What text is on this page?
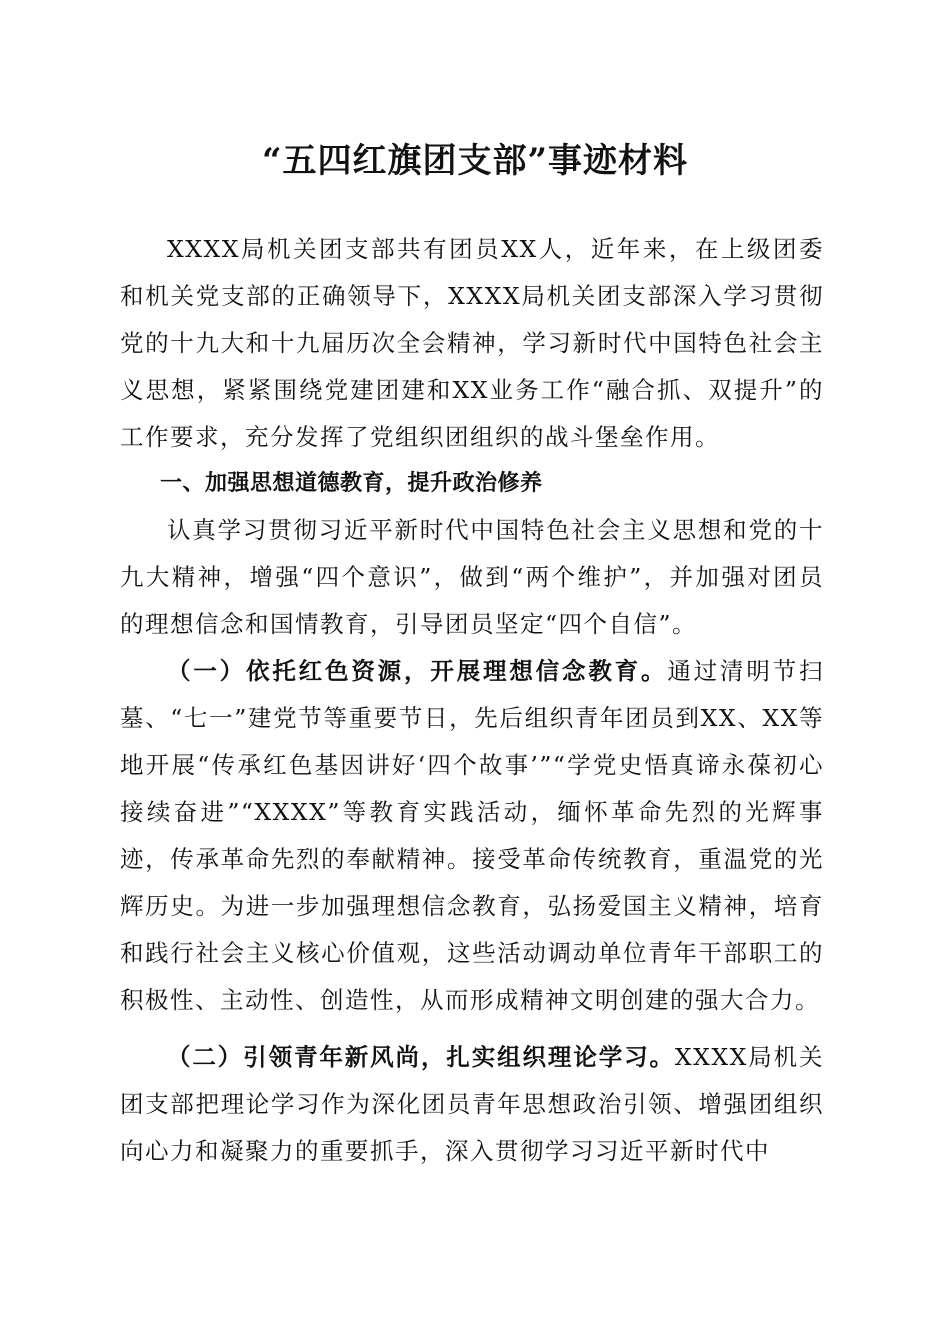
“五四红旗团支部”事迹材料

XXXX局机关团支部共有团员XX人，近年来，在上级团委和机关党支部的正确领导下，XXXX局机关团支部深入学习贯彻党的十九大和十九届历次全会精神，学习新时代中国特色社会主义思想，紧紧围绕党建团建和XX业务工作“融合抓、双提升”的工作要求，充分发挥了党组织团组织的战斗堡垒作用。

一、加强思想道德教育，提升政治修养

认真学习贯彻习近平新时代中国特色社会主义思想和党的十九大精神，增强“四个意识”，做到“两个维护”，并加强对团员的理想信念和国情教育，引导团员坚定“四个自信”。

（一）依托红色资源，开展理想信念教育。通过清明节扫墓、“七一”建党节等重要节日，先后组织青年团员到XX、XX等地开展“传承红色基因讲好‘四个故事’”“学党史悟真谛永葆初心接续奋进”“XXXX”等教育实践活动，缅怀革命先烈的光辉事迹，传承革命先烈的奉献精神。接受革命传统教育，重温党的光辉历史。为进一步加强理想信念教育，弘扬爱国主义精神，培育和践行社会主义核心价值观，这些活动调动单位青年干部职工的积极性、主动性、创造性，从而形成精神文明创建的强大合力。

（二）引领青年新风尚，扎实组织理论学习。XXXX局机关团支部把理论学习作为深化团员青年思想政治引领、增强团组织向心力和凝聚力的重要抓手，深入贯彻学习习近平新时代中
